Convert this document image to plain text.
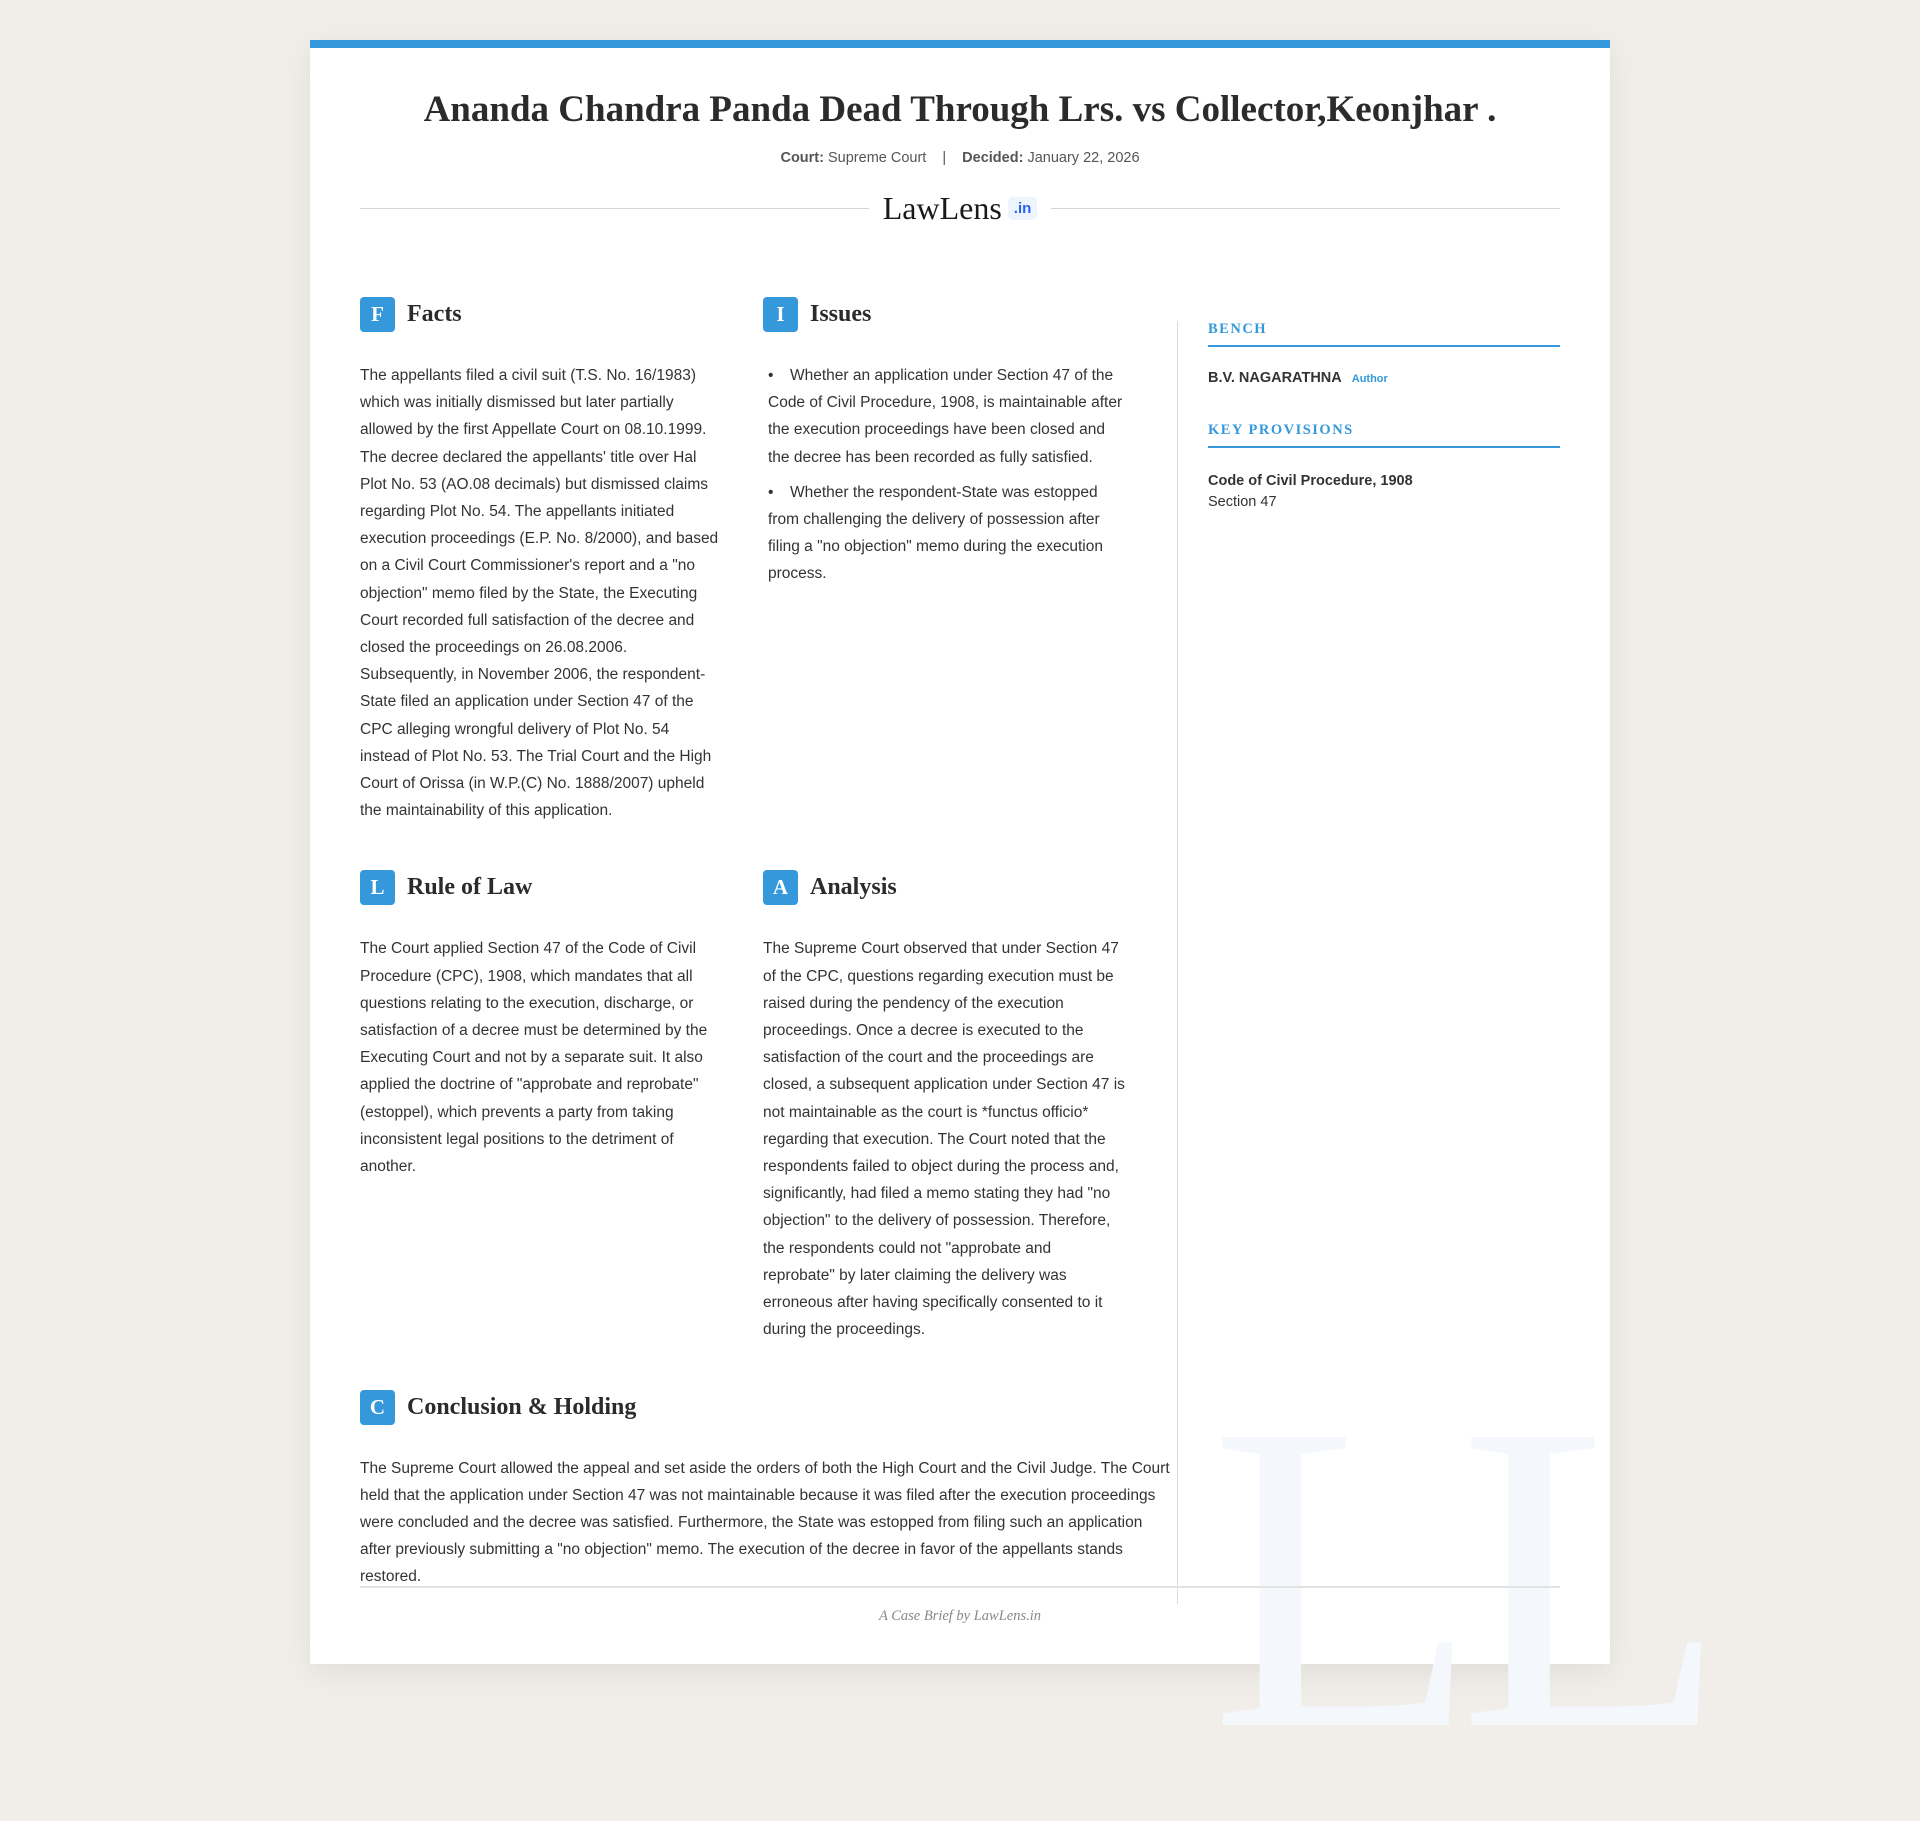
LL
Ananda Chandra Panda Dead Through Lrs. vs Collector,Keonjhar .
Court: Supreme Court | Decided: January 22, 2026
LawLens .in
F Facts

The appellants filed a civil suit (T.S. No. 16/1983) which was initially dismissed but later partially allowed by the first Appellate Court on 08.10.1999. The decree declared the appellants' title over Hal Plot No. 53 (AO.08 decimals) but dismissed claims regarding Plot No. 54. The appellants initiated execution proceedings (E.P. No. 8/2000), and based on a Civil Court Commissioner's report and a "no objection" memo filed by the State, the Executing Court recorded full satisfaction of the decree and closed the proceedings on 26.08.2006. Subsequently, in November 2006, the respondent-State filed an application under Section 47 of the CPC alleging wrongful delivery of Plot No. 54 instead of Plot No. 53. The Trial Court and the High Court of Orissa (in W.P.(C) No. 1888/2007) upheld the maintainability of this application.

I	Issues
• Whether an application under Section 47 of the Code of Civil Procedure, 1908, is maintainable after the execution proceedings have been closed and the decree has been recorded as fully satisfied.
• Whether the respondent-State was estopped from challenging the delivery of possession after filing a "no objection" memo during the execution process.
L Rule of Law

The Court applied Section 47 of the Code of Civil Procedure (CPC), 1908, which mandates that all questions relating to the execution, discharge, or satisfaction of a decree must be determined by the Executing Court and not by a separate suit. It also applied the doctrine of "approbate and reprobate" (estoppel), which prevents a party from taking inconsistent legal positions to the detriment of another.

A Analysis

The Supreme Court observed that under Section 47 of the CPC, questions regarding execution must be raised during the pendency of the execution proceedings. Once a decree is executed to the satisfaction of the court and the proceedings are closed, a subsequent application under Section 47 is not maintainable as the court is *functus officio* regarding that execution. The Court noted that the respondents failed to object during the process and, significantly, had filed a memo stating they had "no objection" to the delivery of possession. Therefore, the respondents could not "approbate and reprobate" by later claiming the delivery was erroneous after having specifically consented to it during the proceedings.

C Conclusion & Holding

The Supreme Court allowed the appeal and set aside the orders of both the High Court and the Civil Judge. The Court held that the application under Section 47 was not maintainable because it was filed after the execution proceedings were concluded and the decree was satisfied. Furthermore, the State was estopped from filing such an application after previously submitting a "no objection" memo. The execution of the decree in favor of the appellants stands restored.

BENCH
B.V. NAGARATHNA Author
KEY PROVISIONS
Code of Civil Procedure, 1908
Section 47

A Case Brief by LawLens.in
